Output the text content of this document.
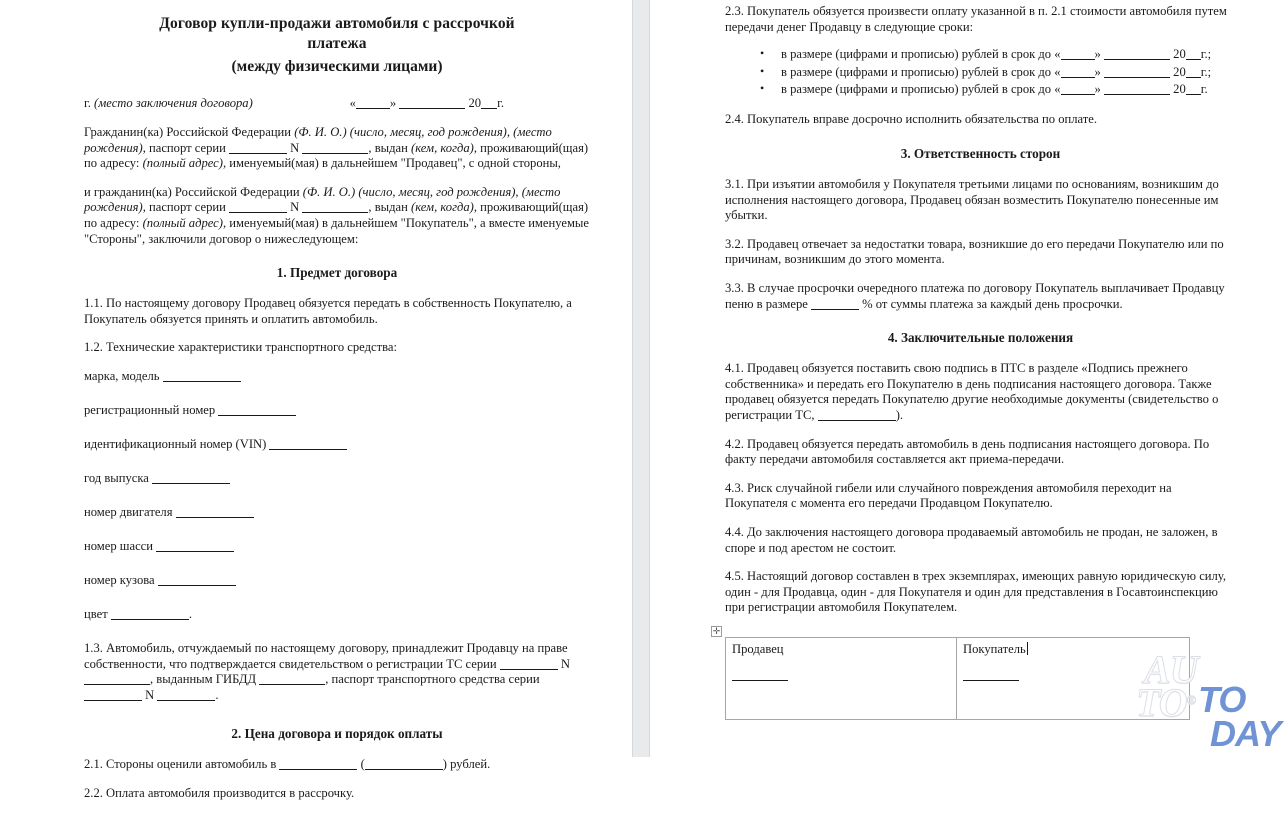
Договор купли-продажи автомобиля с рассрочкой
платежа
(между физическими лицами)
г. (место заключения договора)	«	»	20 г.

Гражданин(ка) Российской Федерации (Ф. И. О.) (число, месяц, год рождения), (место рождения), паспорт серии	N	, выдан (кем, когда), проживающий(щая) по адресу: (полный адрес), именуемый(мая) в дальнейшем "Продавец", с одной стороны,

и гражданин(ка) Российской Федерации (Ф. И. О.) (число, месяц, год рождения), (место рождения), паспорт серии	N	, выдан (кем, когда), проживающий(щая) по адресу: (полный адрес), именуемый(мая) в дальнейшем "Покупатель", а вместе именуемые "Стороны", заключили договор о нижеследующем:

1. Предмет договора

1.1. По настоящему договору Продавец обязуется передать в собственность Покупателю, а Покупатель обязуется принять и оплатить автомобиль.

1.2. Технические характеристики транспортного средства:

марка, модель
регистрационный номер
идентификационный номер (VIN)
год выпуска
номер двигателя
номер шасси
номер кузова
цвет	.

1.3. Автомобиль, отчуждаемый по настоящему договору, принадлежит Продавцу на праве собственности, что подтверждается свидетельством о регистрации ТС серии	N , выданным ГИБДД	, паспорт транспортного средства серии  N	.

2. Цена договора и порядок оплаты

2.1. Стороны оценили автомобиль в	(	) рублей.

2.2. Оплата автомобиля производится в рассрочку.

2.3. Покупатель обязуется произвести оплату указанной в п. 2.1 стоимости автомобиля путем передачи денег Продавцу в следующие сроки:

• в размере (цифрами и прописью) рублей в срок до «	»	20 г.;
• в размере (цифрами и прописью) рублей в срок до «	»	20 г.;
• в размере (цифрами и прописью) рублей в срок до «	»	20 г.

2.4. Покупатель вправе досрочно исполнить обязательства по оплате.

3. Ответственность сторон

3.1. При изъятии автомобиля у Покупателя третьими лицами по основаниям, возникшим до исполнения настоящего договора, Продавец обязан возместить Покупателю понесенные им убытки.

3.2. Продавец отвечает за недостатки товара, возникшие до его передачи Покупателю или по причинам, возникшим до этого момента.

3.3. В случае просрочки очередного платежа по договору Покупатель выплачивает Продавцу пеню в размере	% от суммы платежа за каждый день просрочки.

4. Заключительные положения

4.1. Продавец обязуется поставить свою подпись в ПТС в разделе «Подпись прежнего собственника» и передать его Покупателю в день подписания настоящего договора. Также продавец обязуется передать Покупателю другие необходимые документы (свидетельство о регистрации ТС,	).

4.2. Продавец обязуется передать автомобиль в день подписания настоящего договора. По факту передачи автомобиля составляется акт приема-передачи.

4.3. Риск случайной гибели или случайного повреждения автомобиля переходит на Покупателя с момента его передачи Продавцом Покупателю.

4.4. До заключения настоящего договора продаваемый автомобиль не продан, не заложен, в споре и под арестом не состоит.

4.5. Настоящий договор составлен в трех экземплярах, имеющих равную юридическую силу, один - для Продавца, один - для Покупателя и один для представления в Госавтоинспекцию при регистрации автомобиля Покупателем.

✛
Продавец	Покупатель	AU
TO® TO
DAY
